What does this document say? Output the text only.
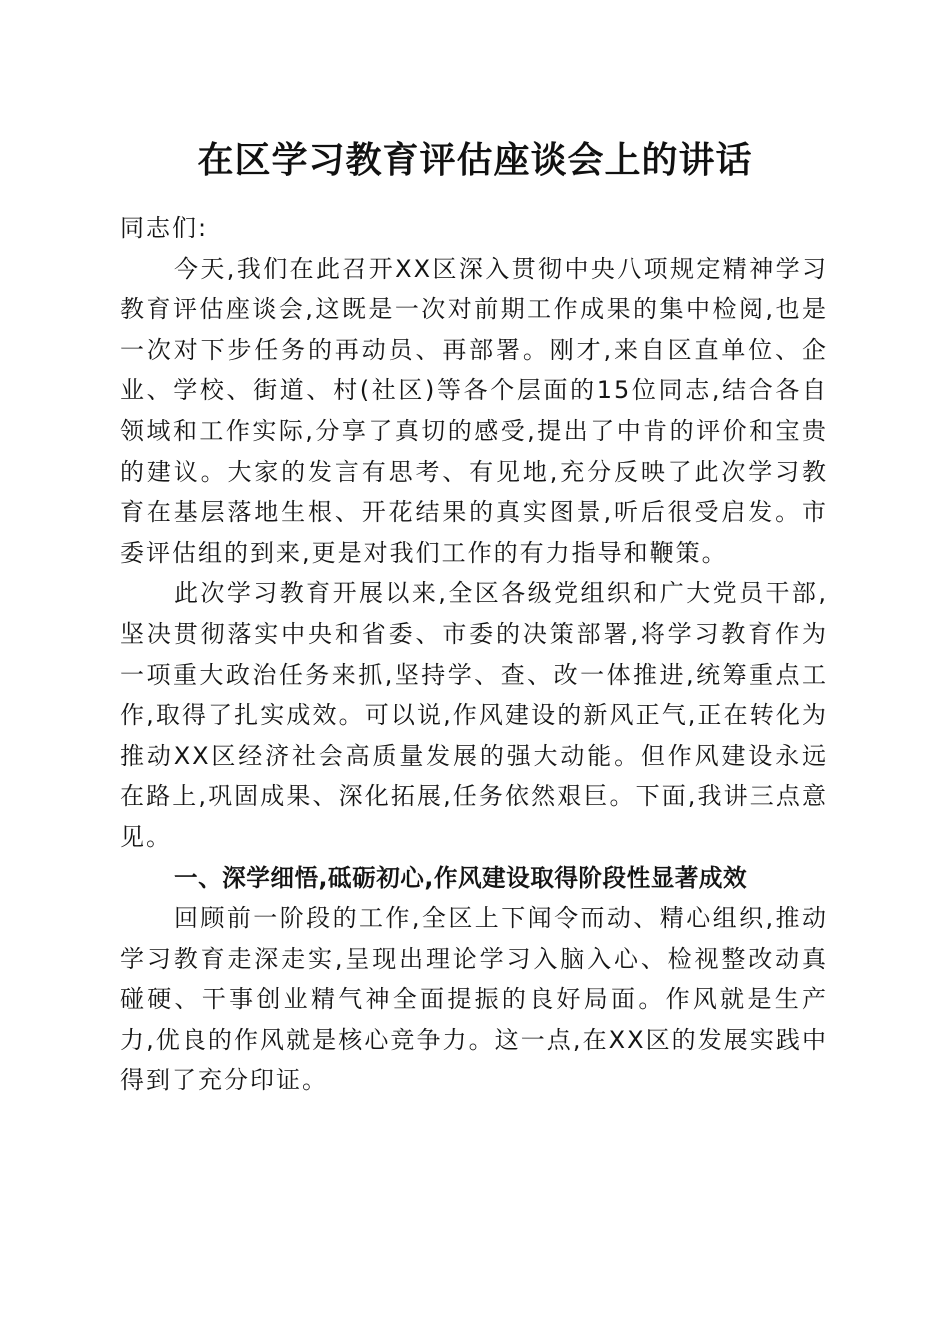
在区学习教育评估座谈会上的讲话

同志们:

今天,我们在此召开XX区深入贯彻中央八项规定精神学习教育评估座谈会,这既是一次对前期工作成果的集中检阅,也是一次对下步任务的再动员、再部署。刚才,来自区直单位、企业、学校、街道、村(社区)等各个层面的15位同志,结合各自领域和工作实际,分享了真切的感受,提出了中肯的评价和宝贵的建议。大家的发言有思考、有见地,充分反映了此次学习教育在基层落地生根、开花结果的真实图景,听后很受启发。市委评估组的到来,更是对我们工作的有力指导和鞭策。

此次学习教育开展以来,全区各级党组织和广大党员干部,坚决贯彻落实中央和省委、市委的决策部署,将学习教育作为一项重大政治任务来抓,坚持学、查、改一体推进,统筹重点工作,取得了扎实成效。可以说,作风建设的新风正气,正在转化为推动XX区经济社会高质量发展的强大动能。但作风建设永远在路上,巩固成果、深化拓展,任务依然艰巨。下面,我讲三点意见。

一、深学细悟,砥砺初心,作风建设取得阶段性显著成效

回顾前一阶段的工作,全区上下闻令而动、精心组织,推动学习教育走深走实,呈现出理论学习入脑入心、检视整改动真碰硬、干事创业精气神全面提振的良好局面。作风就是生产力,优良的作风就是核心竞争力。这一点,在XX区的发展实践中得到了充分印证。
